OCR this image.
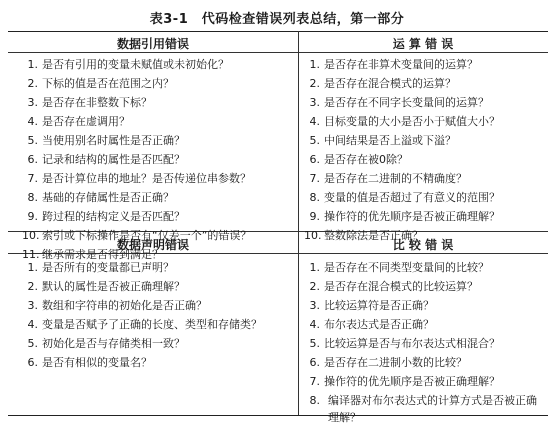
表3-1　代码检查错误列表总结，第一部分
数据引用错误	运 算 错 误
数据声明错误	比 较 错 误
1. 是否有引用的变量未赋值或未初始化？
2. 下标的值是否在范围之内？
3. 是否存在非整数下标？
4. 是否存在虚调用？
5. 当使用别名时属性是否正确？
6. 记录和结构的属性是否匹配？
7. 是否计算位串的地址？是否传递位串参数？
8. 基础的存储属性是否正确？
9. 跨过程的结构定义是否匹配？
10. 索引或下标操作是否有“仅差一个”的错误？
11. 继承需求是否得到满足？
1. 是否存在非算术变量间的运算？
2. 是否存在混合模式的运算？
3. 是否存在不同字长变量间的运算？
4. 目标变量的大小是否小于赋值大小？
5. 中间结果是否上溢或下溢？
6. 是否存在被0除？
7. 是否存在二进制的不精确度？
8. 变量的值是否超过了有意义的范围？
9. 操作符的优先顺序是否被正确理解？
10. 整数除法是否正确？
1. 是否所有的变量都已声明？
2. 默认的属性是否被正确理解？
3. 数组和字符串的初始化是否正确？
4. 变量是否赋予了正确的长度、类型和存储类？
5. 初始化是否与存储类相一致？
6. 是否有相似的变量名？
1. 是否存在不同类型变量间的比较？
2. 是否存在混合模式的比较运算？
3. 比较运算符是否正确？
4. 布尔表达式是否正确？
5. 比较运算是否与布尔表达式相混合？
6. 是否存在二进制小数的比较？
7. 操作符的优先顺序是否被正确理解？
8. 编译器对布尔表达式的计算方式是否被正确理解？
